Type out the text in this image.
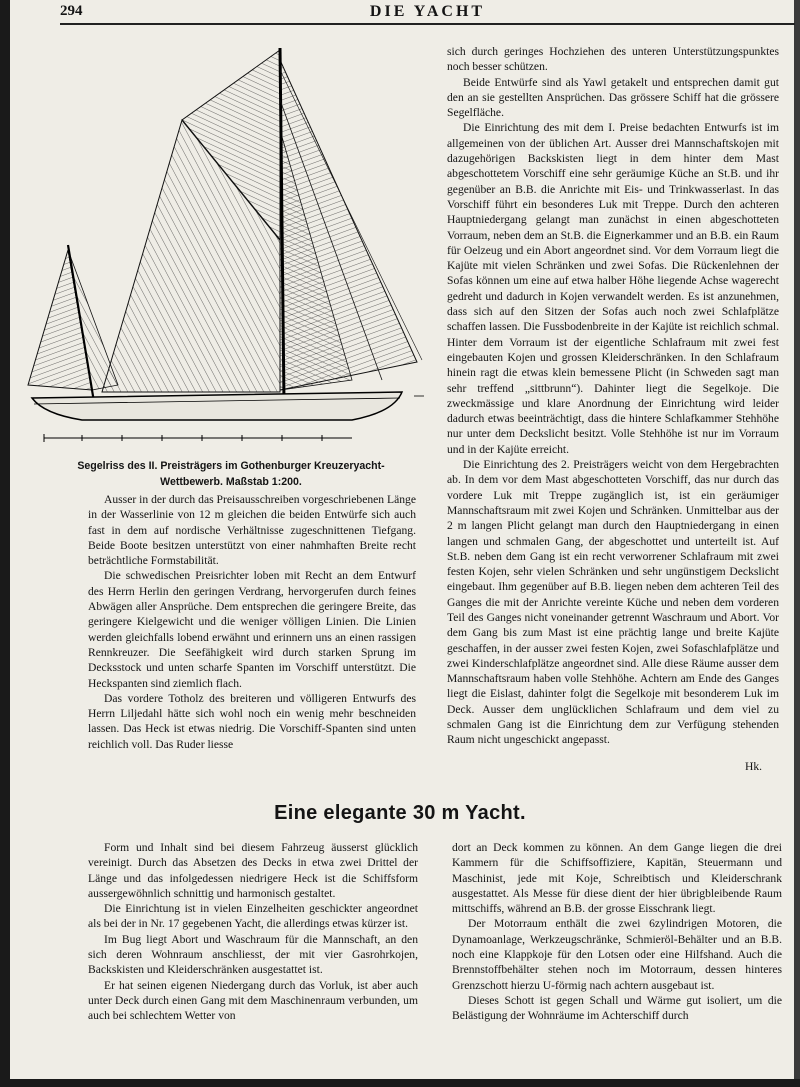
294	DIE YACHT
Segelriss des II. Preisträgers im Gothenburger Kreuzeryacht-
Wettbewerb. Maßstab 1:200.

Ausser in der durch das Preisausschreiben vorgeschriebenen Länge in der Wasserlinie von 12 m gleichen die beiden Entwürfe sich auch fast in dem auf nordische Verhältnisse zugeschnittenen Tiefgang. Beide Boote besitzen unterstützt von einer nahmhaften Breite recht beträchtliche Formstabilität.

Die schwedischen Preisrichter loben mit Recht an dem Entwurf des Herrn Herlin den geringen Verdrang, hervorgerufen durch feines Abwägen aller Ansprüche. Dem entsprechen die geringere Breite, das geringere Kielgewicht und die weniger völligen Linien. Die Linien werden gleichfalls lobend erwähnt und erinnern uns an einen rassigen Rennkreuzer. Die Seefähigkeit wird durch starken Sprung im Decksstock und unten scharfe Spanten im Vorschiff unterstützt. Die Heckspanten sind ziemlich flach.

Das vordere Totholz des breiteren und völligeren Entwurfs des Herrn Liljedahl hätte sich wohl noch ein wenig mehr beschneiden lassen. Das Heck ist etwas niedrig. Die Vorschiff-Spanten sind unten reichlich voll. Das Ruder liesse

sich durch geringes Hochziehen des unteren Unterstützungspunktes noch besser schützen.

Beide Entwürfe sind als Yawl getakelt und entsprechen damit gut den an sie gestellten Ansprüchen. Das grössere Schiff hat die grössere Segelfläche.

Die Einrichtung des mit dem I. Preise bedachten Entwurfs ist im allgemeinen von der üblichen Art. Ausser drei Mannschaftskojen mit dazugehörigen Backskisten liegt in dem hinter dem Mast abgeschottetem Vorschiff eine sehr geräumige Küche an St.B. und ihr gegenüber an B.B. die Anrichte mit Eis- und Trinkwasserlast. In das Vorschiff führt ein besonderes Luk mit Treppe. Durch den achteren Hauptniedergang gelangt man zunächst in einen abgeschotteten Vorraum, neben dem an St.B. die Eignerkammer und an B.B. ein Raum für Oelzeug und ein Abort angeordnet sind. Vor dem Vorraum liegt die Kajüte mit vielen Schränken und zwei Sofas. Die Rückenlehnen der Sofas können um eine auf etwa halber Höhe liegende Achse wagerecht gedreht und dadurch in Kojen verwandelt werden. Es ist anzunehmen, dass sich auf den Sitzen der Sofas auch noch zwei Schlafplätze schaffen lassen. Die Fussbodenbreite in der Kajüte ist reichlich schmal. Hinter dem Vorraum ist der eigentliche Schlafraum mit zwei fest eingebauten Kojen und grossen Kleiderschränken. In den Schlafraum hinein ragt die etwas klein bemessene Plicht (in Schweden sagt man sehr treffend „sittbrunn“). Dahinter liegt die Segelkoje. Die zweckmässige und klare Anordnung der Einrichtung wird leider dadurch etwas beeinträchtigt, dass die hintere Schlafkammer Stehhöhe nur unter dem Deckslicht besitzt. Volle Stehhöhe ist nur im Vorraum und in der Kajüte erreicht.

Die Einrichtung des 2. Preisträgers weicht von dem Hergebrachten ab. In dem vor dem Mast abgeschotteten Vorschiff, das nur durch das vordere Luk mit Treppe zugänglich ist, ist ein geräumiger Mannschaftsraum mit zwei Kojen und Schränken. Unmittelbar aus der 2 m langen Plicht gelangt man durch den Hauptniedergang in einen langen und schmalen Gang, der abgeschottet und unterteilt ist. Auf St.B. neben dem Gang ist ein recht verworrener Schlafraum mit zwei festen Kojen, sehr vielen Schränken und sehr ungünstigem Deckslicht eingebaut. Ihm gegenüber auf B.B. liegen neben dem achteren Teil des Ganges die mit der Anrichte vereinte Küche und neben dem vorderen Teil des Ganges nicht voneinander getrennt Waschraum und Abort. Vor dem Gang bis zum Mast ist eine prächtig lange und breite Kajüte geschaffen, in der ausser zwei festen Kojen, zwei Sofaschlafplätze und zwei Kinderschlafplätze angeordnet sind. Alle diese Räume ausser dem Mannschaftsraum haben volle Stehhöhe. Achtern am Ende des Ganges liegt die Eislast, dahinter folgt die Segelkoje mit besonderem Luk im Deck. Ausser dem unglücklichen Schlafraum und dem viel zu schmalen Gang ist die Einrichtung dem zur Verfügung stehenden Raum nicht ungeschickt angepasst.

Hk.
Eine elegante 30 m Yacht.

Form und Inhalt sind bei diesem Fahrzeug äusserst glücklich vereinigt. Durch das Absetzen des Decks in etwa zwei Drittel der Länge und das infolgedessen niedrigere Heck ist die Schiffsform aussergewöhnlich schnittig und harmonisch gestaltet.

Die Einrichtung ist in vielen Einzelheiten geschickter angeordnet als bei der in Nr. 17 gegebenen Yacht, die allerdings etwas kürzer ist.

Im Bug liegt Abort und Waschraum für die Mannschaft, an den sich deren Wohnraum anschliesst, der mit vier Gasrohrkojen, Backskisten und Kleiderschränken ausgestattet ist.

Er hat seinen eigenen Niedergang durch das Vorluk, ist aber auch unter Deck durch einen Gang mit dem Maschinenraum verbunden, um auch bei schlechtem Wetter von

dort an Deck kommen zu können. An dem Gange liegen die drei Kammern für die Schiffsoffiziere, Kapitän, Steuermann und Maschinist, jede mit Koje, Schreibtisch und Kleiderschrank ausgestattet. Als Messe für diese dient der hier übrigbleibende Raum mittschiffs, während an B.B. der grosse Eisschrank liegt.

Der Motorraum enthält die zwei 6zylindrigen Motoren, die Dynamoanlage, Werkzeugschränke, Schmieröl-Behälter und an B.B. noch eine Klappkoje für den Lotsen oder eine Hilfshand. Auch die Brennstoffbehälter stehen noch im Motorraum, dessen hinteres Grenzschott hierzu U-förmig nach achtern ausgebaut ist.

Dieses Schott ist gegen Schall und Wärme gut isoliert, um die Belästigung der Wohnräume im Achterschiff durch
